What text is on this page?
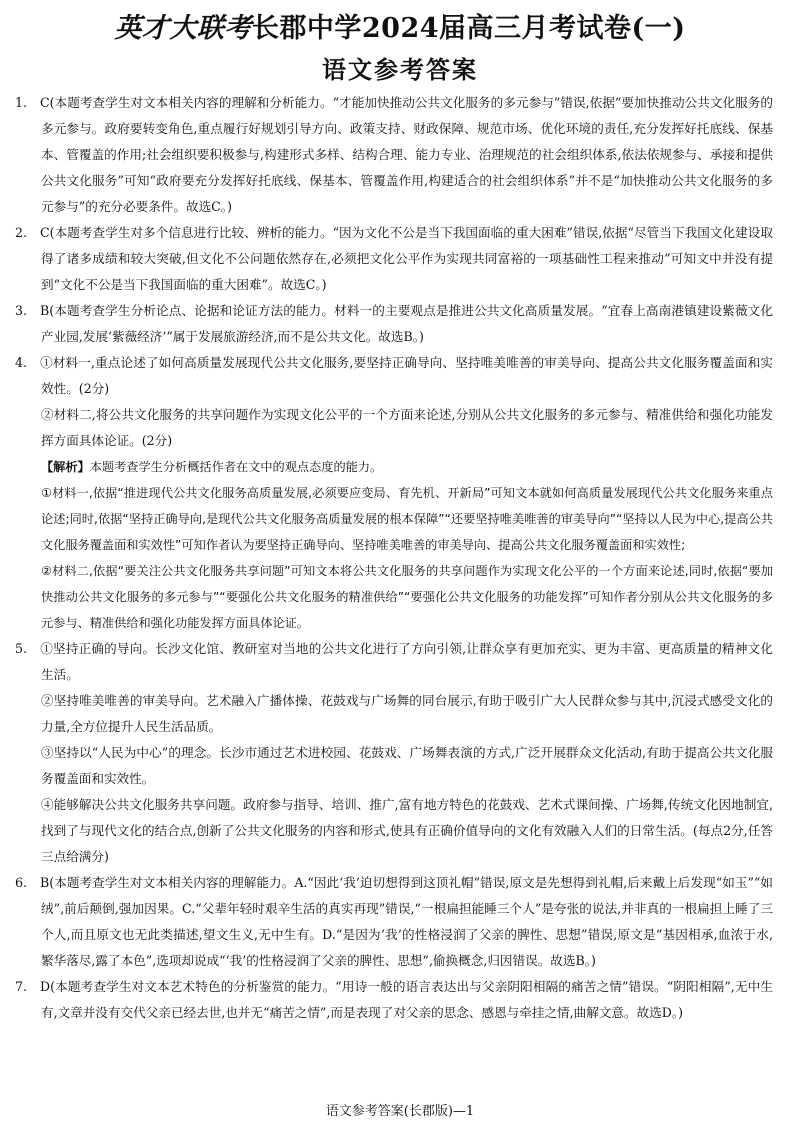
英才大联考长郡中学2024届高三月考试卷(一)
语文参考答案

1. C(本题考查学生对文本相关内容的理解和分析能力。“才能加快推动公共文化服务的多元参与”错误,依据“要加快推动公共文化服务的多元参与。政府要转变角色,重点履行好规划引导方向、政策支持、财政保障、规范市场、优化环境的责任,充分发挥好托底线、保基本、管覆盖的作用;社会组织要积极参与,构建形式多样、结构合理、能力专业、治理规范的社会组织体系,依法依规参与、承接和提供公共文化服务”可知“政府要充分发挥好托底线、保基本、管覆盖作用,构建适合的社会组织体系”并不是“加快推动公共文化服务的多元参与”的充分必要条件。故选C。)

2. C(本题考查学生对多个信息进行比较、辨析的能力。“因为文化不公是当下我国面临的重大困难”错误,依据“尽管当下我国文化建设取得了诸多成绩和较大突破,但文化不公问题依然存在,必须把文化公平作为实现共同富裕的一项基础性工程来推动”可知文中并没有提到“文化不公是当下我国面临的重大困难”。故选C。)

3. B(本题考查学生分析论点、论据和论证方法的能力。材料一的主要观点是推进公共文化高质量发展。“宜春上高南港镇建设紫薇文化产业园,发展‘紫薇经济’”属于发展旅游经济,而不是公共文化。故选B。)

4. ①材料一,重点论述了如何高质量发展现代公共文化服务,要坚持正确导向、坚持唯美唯善的审美导向、提高公共文化服务覆盖面和实效性。(2分)

②材料二,将公共文化服务的共享问题作为实现文化公平的一个方面来论述,分别从公共文化服务的多元参与、精准供给和强化功能发挥方面具体论证。(2分)

【解析】本题考查学生分析概括作者在文中的观点态度的能力。

①材料一,依据“推进现代公共文化服务高质量发展,必须要应变局、育先机、开新局”可知文本就如何高质量发展现代公共文化服务来重点论述;同时,依据“坚持正确导向,是现代公共文化服务高质量发展的根本保障”“还要坚持唯美唯善的审美导向”“坚持以人民为中心,提高公共文化服务覆盖面和实效性”可知作者认为要坚持正确导向、坚持唯美唯善的审美导向、提高公共文化服务覆盖面和实效性;

②材料二,依据“要关注公共文化服务共享问题”可知文本将公共文化服务的共享问题作为实现文化公平的一个方面来论述,同时,依据“要加快推动公共文化服务的多元参与”“要强化公共文化服务的精准供给”“要强化公共文化服务的功能发挥”可知作者分别从公共文化服务的多元参与、精准供给和强化功能发挥方面具体论证。

5. ①坚持正确的导向。长沙文化馆、教研室对当地的公共文化进行了方向引领,让群众享有更加充实、更为丰富、更高质量的精神文化生活。

②坚持唯美唯善的审美导向。艺术融入广播体操、花鼓戏与广场舞的同台展示,有助于吸引广大人民群众参与其中,沉浸式感受文化的力量,全方位提升人民生活品质。

③坚持以“人民为中心”的理念。长沙市通过艺术进校园、花鼓戏、广场舞表演的方式,广泛开展群众文化活动,有助于提高公共文化服务覆盖面和实效性。

④能够解决公共文化服务共享问题。政府参与指导、培训、推广,富有地方特色的花鼓戏、艺术式课间操、广场舞,传统文化因地制宜,找到了与现代文化的结合点,创新了公共文化服务的内容和形式,使具有正确价值导向的文化有效融入人们的日常生活。(每点2分,任答三点给满分)

6. B(本题考查学生对文本相关内容的理解能力。A.“因此‘我’迫切想得到这顶礼帽”错误,原文是先想得到礼帽,后来戴上后发现“如玉”“如绒”,前后颠倒,强加因果。C.“父辈年轻时艰辛生活的真实再现”错误,“一根扁担能睡三个人”是夸张的说法,并非真的一根扁担上睡了三个人,而且原文也无此类描述,望文生义,无中生有。D.“是因为‘我’的性格浸润了父亲的脾性、思想”错误,原文是“基因相承,血浓于水,繁华落尽,露了本色”,选项却说成“‘我’的性格浸润了父亲的脾性、思想”,偷换概念,归因错误。故选B。)

7. D(本题考查学生对文本艺术特色的分析鉴赏的能力。“用诗一般的语言表达出与父亲阴阳相隔的痛苦之情”错误。“阴阳相隔”,无中生有,文章并没有交代父亲已经去世,也并无“痛苦之情”,而是表现了对父亲的思念、感恩与牵挂之情,曲解文意。故选D。)

语文参考答案(长郡版)—1
